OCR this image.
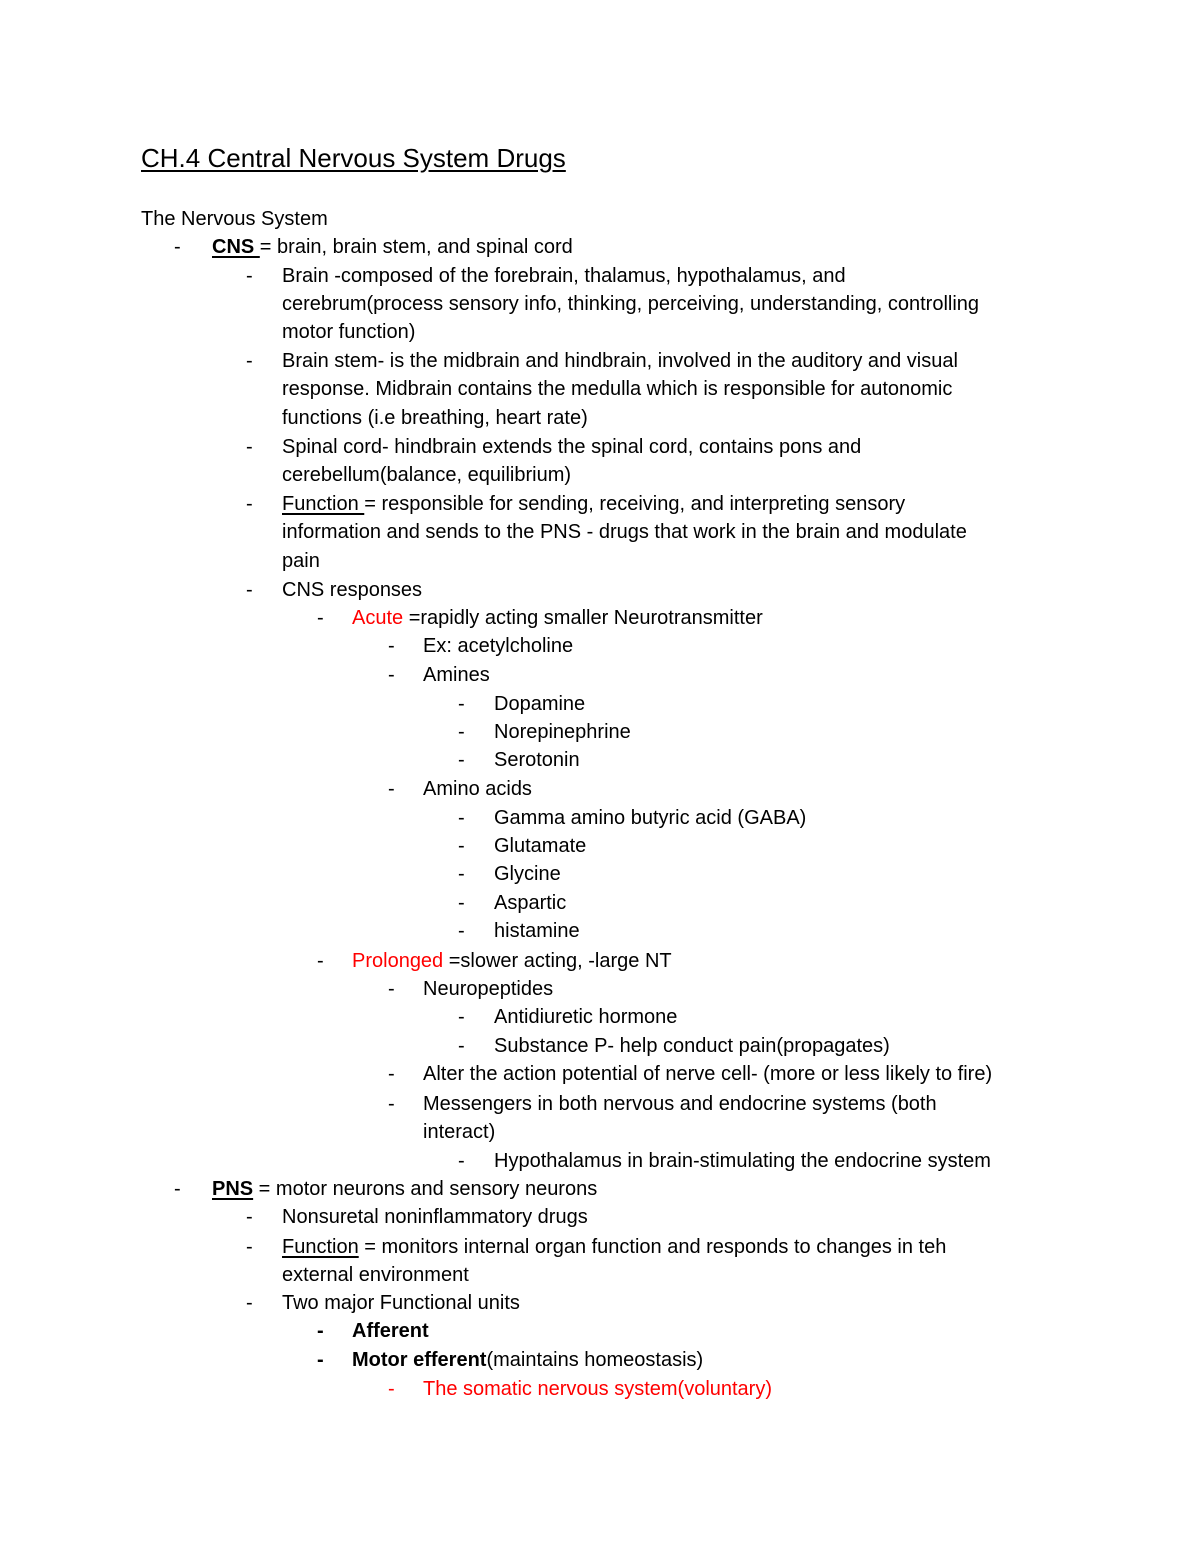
CH.4 Central Nervous System Drugs
The Nervous System
- CNS = brain, brain stem, and spinal cord
- Brain -composed of the forebrain, thalamus, hypothalamus, and
cerebrum(process sensory info, thinking, perceiving, understanding, controlling
motor function)
- Brain stem- is the midbrain and hindbrain, involved in the auditory and visual
response. Midbrain contains the medulla which is responsible for autonomic
functions (i.e breathing, heart rate)
- Spinal cord- hindbrain extends the spinal cord, contains pons and
cerebellum(balance, equilibrium)
- Function = responsible for sending, receiving, and interpreting sensory
information and sends to the PNS - drugs that work in the brain and modulate
pain
- CNS responses
- Acute =rapidly acting smaller Neurotransmitter
- Ex: acetylcholine
- Amines
- Dopamine
- Norepinephrine
- Serotonin
- Amino acids
- Gamma amino butyric acid (GABA)
- Glutamate
- Glycine
- Aspartic
- histamine
- Prolonged =slower acting, -large NT
- Neuropeptides
- Antidiuretic hormone
- Substance P- help conduct pain(propagates)
- Alter the action potential of nerve cell- (more or less likely to fire)
- Messengers in both nervous and endocrine systems (both
interact)
- Hypothalamus in brain-stimulating the endocrine system
- PNS = motor neurons and sensory neurons
- Nonsuretal noninflammatory drugs
- Function = monitors internal organ function and responds to changes in teh
external environment
- Two major Functional units
- Afferent
- Motor efferent(maintains homeostasis)
- The somatic nervous system(voluntary)
